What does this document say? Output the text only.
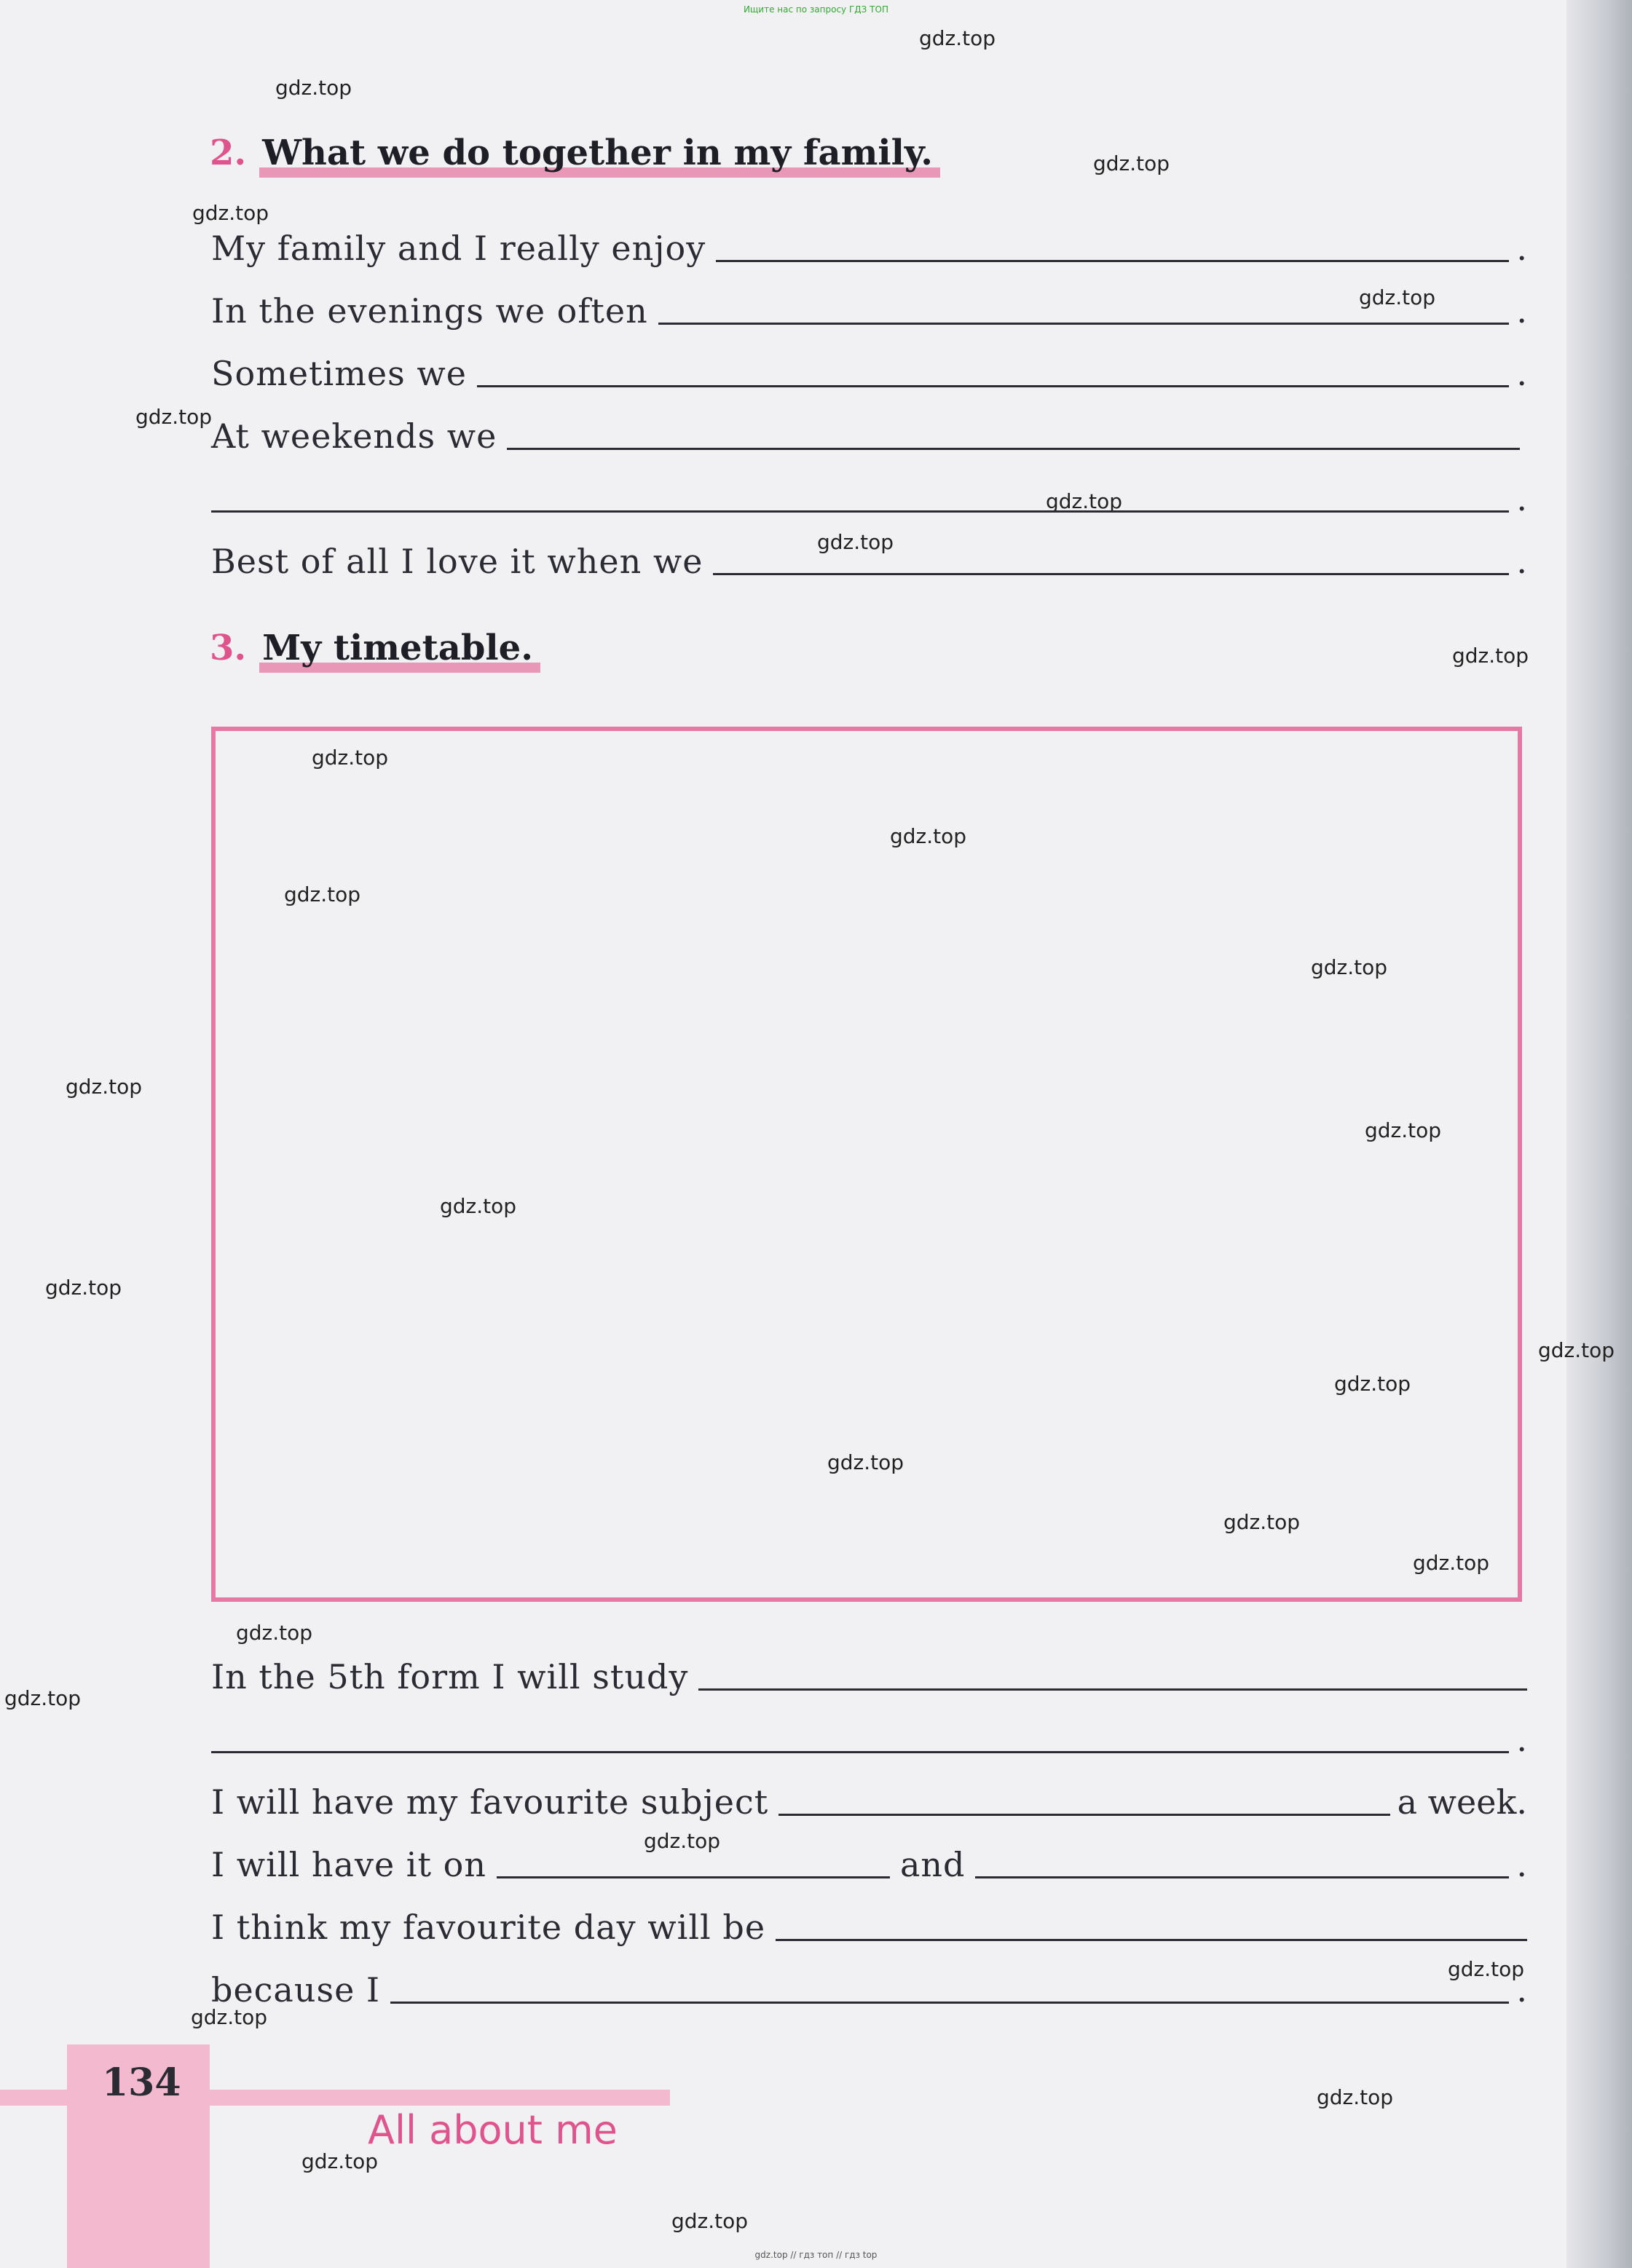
Ищите нас по запросу ГДЗ ТОП
gdz.top
gdz.top
gdz.top
gdz.top
gdz.top
gdz.top
gdz.top
gdz.top
gdz.top
gdz.top
gdz.top
gdz.top
gdz.top
gdz.top
gdz.top
gdz.top
gdz.top
gdz.top
gdz.top
gdz.top
gdz.top
gdz.top
gdz.top
gdz.top
gdz.top
gdz.top
gdz.top
gdz.top
gdz.top
gdz.top
2. What we do together in my family.
My family and I really enjoy	.
In the evenings we often	.
Sometimes we	.
At weekends we
.
Best of all I love it when we	.
3. My timetable.
In the 5th form I will study
.
I will have my favourite subject	a week.
I will have it on	and	.
I think my favourite day will be
because I	.
134
All about me
gdz.top // гдз топ // гдз top
